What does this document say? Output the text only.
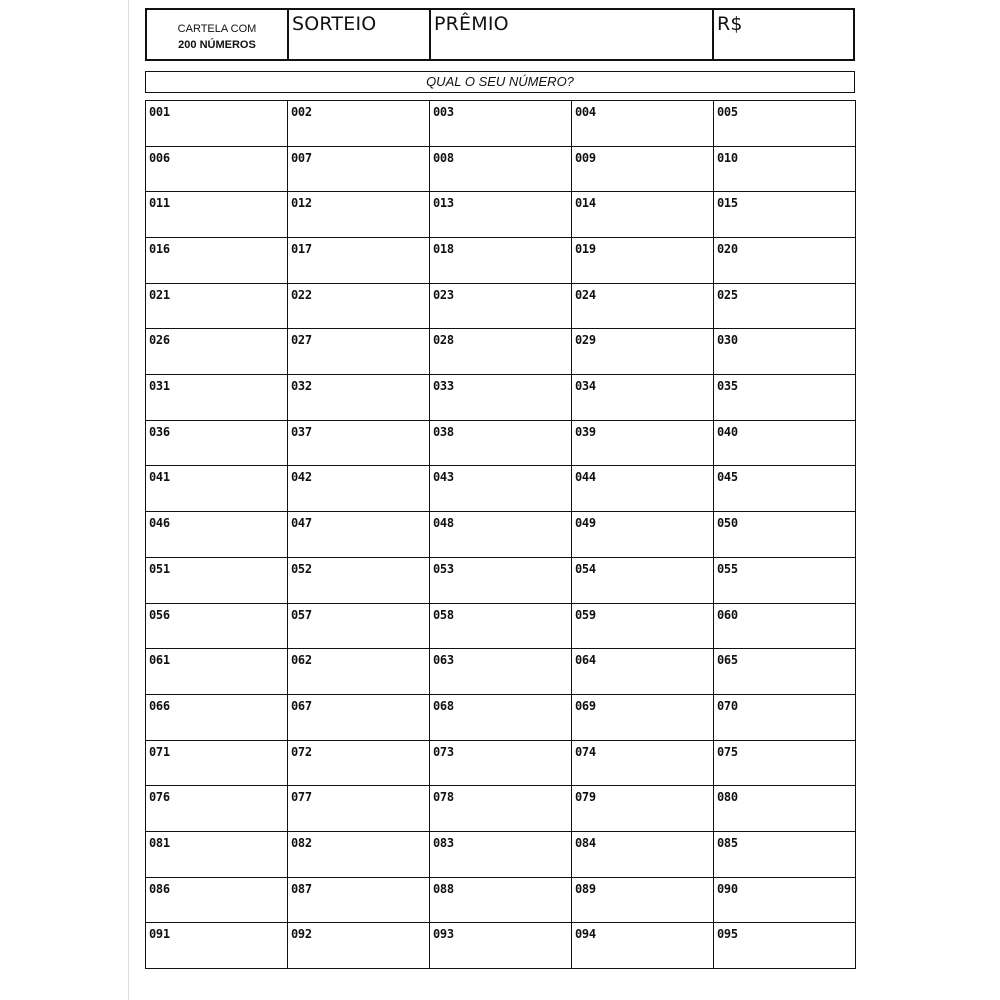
CARTELA COM
200 NÚMEROS
SORTEIO	PRÊMIO	R$
QUAL O SEU NÚMERO?
001	002	003	004	005
006	007	008	009	010
011	012	013	014	015
016	017	018	019	020
021	022	023	024	025
026	027	028	029	030
031	032	033	034	035
036	037	038	039	040
041	042	043	044	045
046	047	048	049	050
051	052	053	054	055
056	057	058	059	060
061	062	063	064	065
066	067	068	069	070
071	072	073	074	075
076	077	078	079	080
081	082	083	084	085
086	087	088	089	090
091	092	093	094	095
